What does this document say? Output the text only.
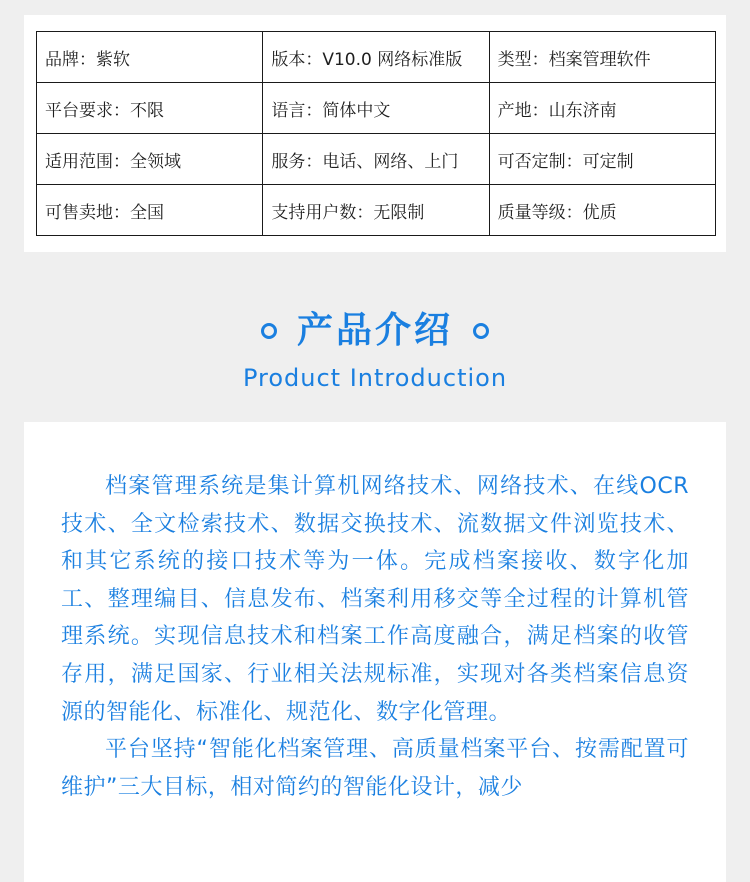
品牌：紫软	版本：V10.0 网络标准版	类型：档案管理软件
平台要求：不限	语言：简体中文	产地：山东济南
适用范围：全领域	服务：电话、网络、上门	可否定制：可定制
可售卖地：全国	支持用户数：无限制	质量等级：优质
产品介绍
Product Introduction

档案管理系统是集计算机网络技术、网络技术、在线OCR技术、全文检索技术、数据交换技术、流数据文件浏览技术、和其它系统的接口技术等为一体。完成档案接收、数字化加工、整理编目、信息发布、档案利用移交等全过程的计算机管理系统。实现信息技术和档案工作高度融合，满足档案的收管存用，满足国家、行业相关法规标准，实现对各类档案信息资源的智能化、标准化、规范化、数字化管理。

平台坚持“智能化档案管理、高质量档案平台、按需配置可维护”三大目标，相对简约的智能化设计，减少
